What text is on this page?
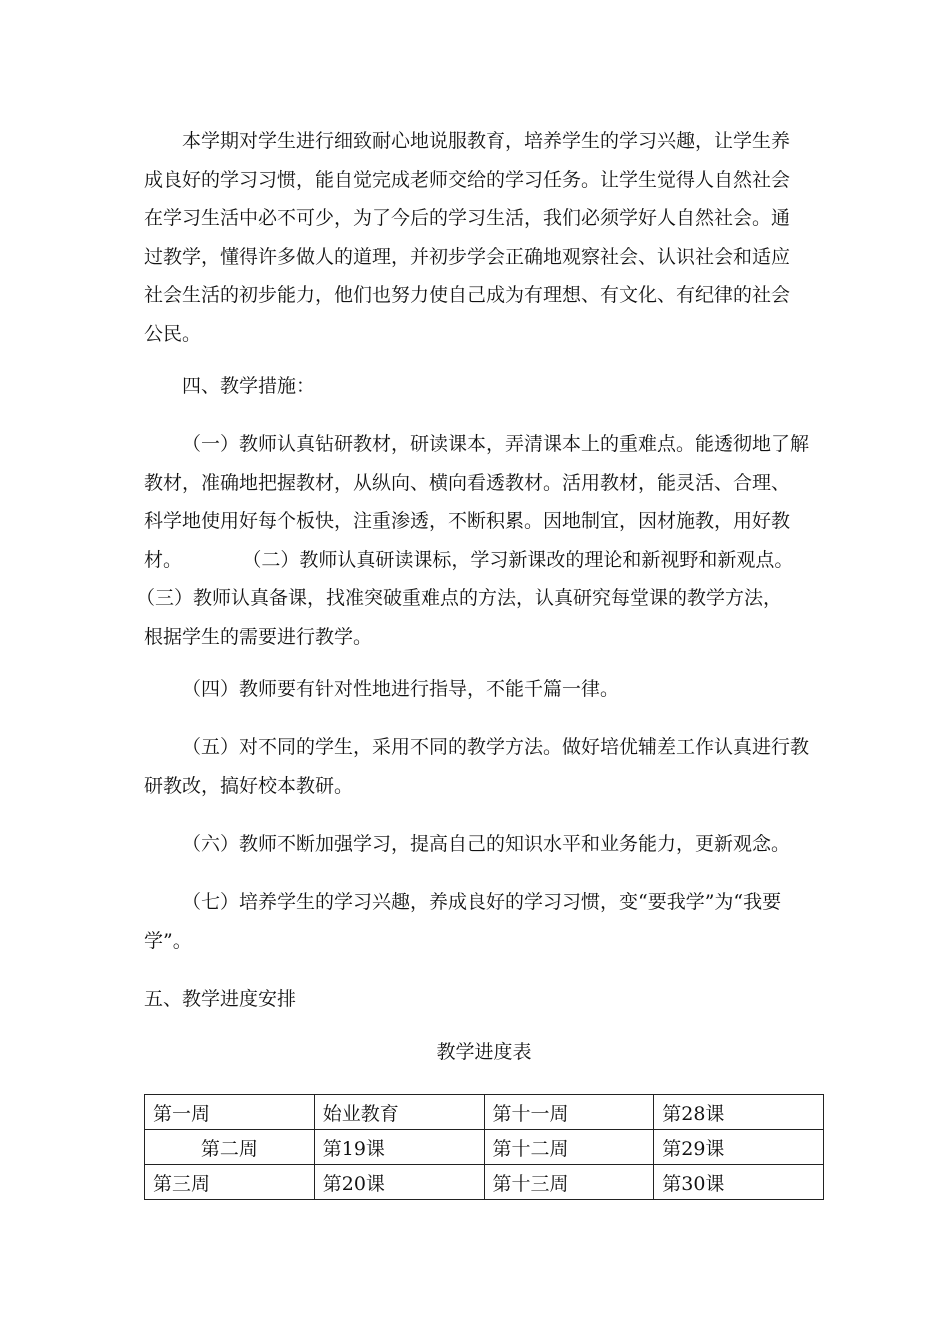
本学期对学生进行细致耐心地说服教育，培养学生的学习兴趣，让学生养
成良好的学习习惯，能自觉完成老师交给的学习任务。让学生觉得人自然社会
在学习生活中必不可少，为了今后的学习生活，我们必须学好人自然社会。通
过教学，懂得许多做人的道理，并初步学会正确地观察社会、认识社会和适应
社会生活的初步能力，他们也努力使自己成为有理想、有文化、有纪律的社会
公民。
四、教学措施：
（一）教师认真钻研教材，研读课本，弄清课本上的重难点。能透彻地了解
教材，准确地把握教材，从纵向、横向看透教材。活用教材，能灵活、合理、
科学地使用好每个板快，注重渗透，不断积累。因地制宜，因材施教，用好教
材。          （二）教师认真研读课标，学习新课改的理论和新视野和新观点。
（三）教师认真备课，找准突破重难点的方法，认真研究每堂课的教学方法，
根据学生的需要进行教学。
（四）教师要有针对性地进行指导，不能千篇一律。
（五）对不同的学生，采用不同的教学方法。做好培优辅差工作认真进行教
研教改，搞好校本教研。
（六）教师不断加强学习，提高自己的知识水平和业务能力，更新观念。
（七）培养学生的学习兴趣，养成良好的学习习惯，变“要我学”为“我要
学”。
五、教学进度安排
教学进度表
第一周	始业教育	第十一周	第28课
第二周	第19课	第十二周	第29课
第三周	第20课	第十三周	第30课
